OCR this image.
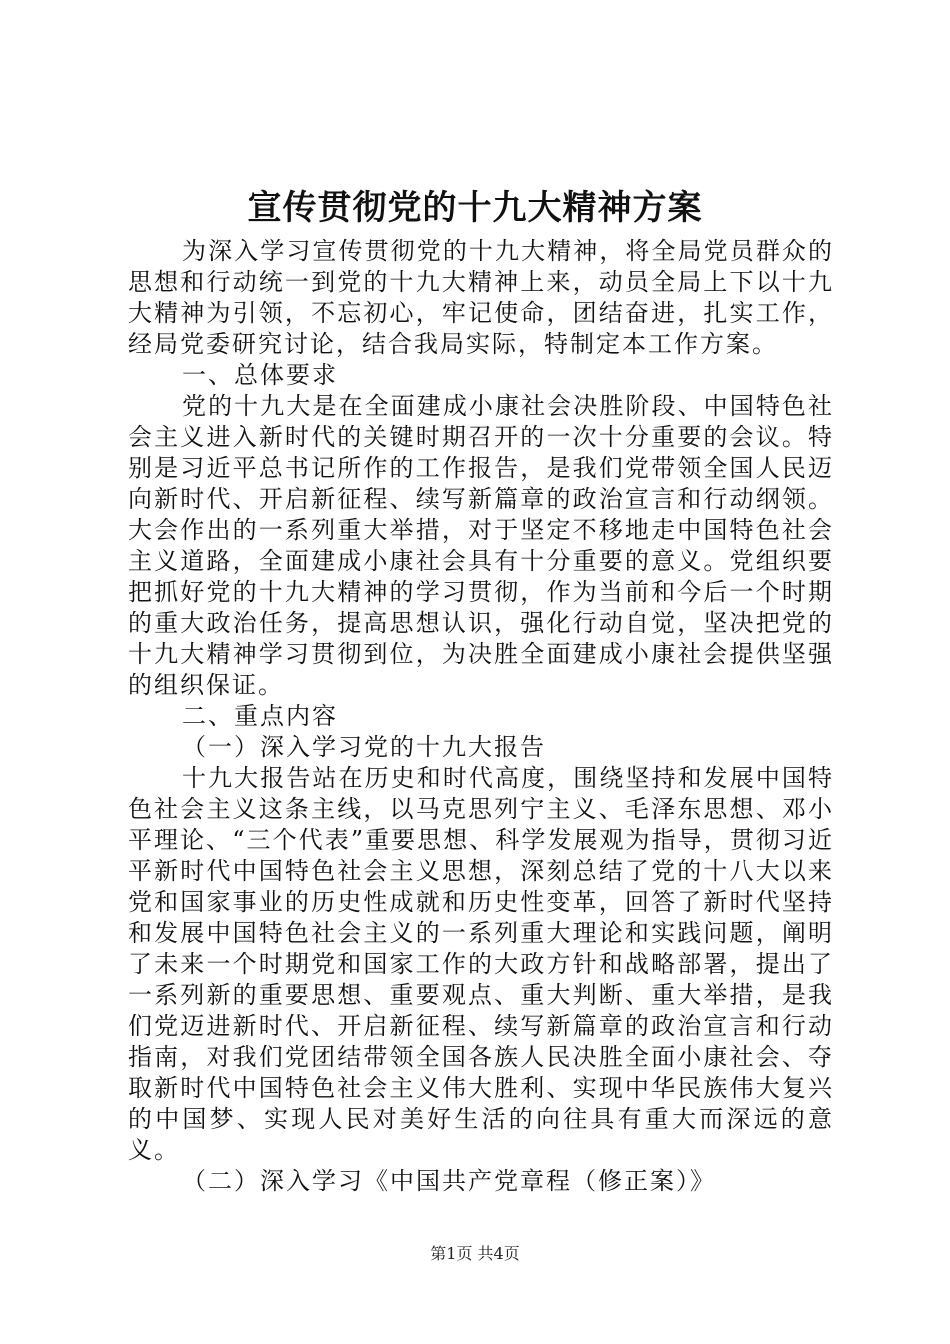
宣传贯彻党的十九大精神方案

为深入学习宣传贯彻党的十九大精神，将全局党员群众的思想和行动统一到党的十九大精神上来，动员全局上下以十九大精神为引领，不忘初心，牢记使命，团结奋进，扎实工作，经局党委研究讨论，结合我局实际，特制定本工作方案。

一、总体要求

党的十九大是在全面建成小康社会决胜阶段、中国特色社会主义进入新时代的关键时期召开的一次十分重要的会议。特别是习近平总书记所作的工作报告，是我们党带领全国人民迈向新时代、开启新征程、续写新篇章的政治宣言和行动纲领。大会作出的一系列重大举措，对于坚定不移地走中国特色社会主义道路，全面建成小康社会具有十分重要的意义。党组织要把抓好党的十九大精神的学习贯彻，作为当前和今后一个时期的重大政治任务，提高思想认识，强化行动自觉，坚决把党的十九大精神学习贯彻到位，为决胜全面建成小康社会提供坚强的组织保证。

二、重点内容

（一）深入学习党的十九大报告

十九大报告站在历史和时代高度，围绕坚持和发展中国特色社会主义这条主线，以马克思列宁主义、毛泽东思想、邓小平理论、“三个代表”重要思想、科学发展观为指导，贯彻习近平新时代中国特色社会主义思想，深刻总结了党的十八大以来党和国家事业的历史性成就和历史性变革，回答了新时代坚持和发展中国特色社会主义的一系列重大理论和实践问题，阐明了未来一个时期党和国家工作的大政方针和战略部署，提出了一系列新的重要思想、重要观点、重大判断、重大举措，是我们党迈进新时代、开启新征程、续写新篇章的政治宣言和行动指南，对我们党团结带领全国各族人民决胜全面小康社会、夺取新时代中国特色社会主义伟大胜利、实现中华民族伟大复兴的中国梦、实现人民对美好生活的向往具有重大而深远的意义。

（二）深入学习《中国共产党章程（修正案）》

第1页 共4页
